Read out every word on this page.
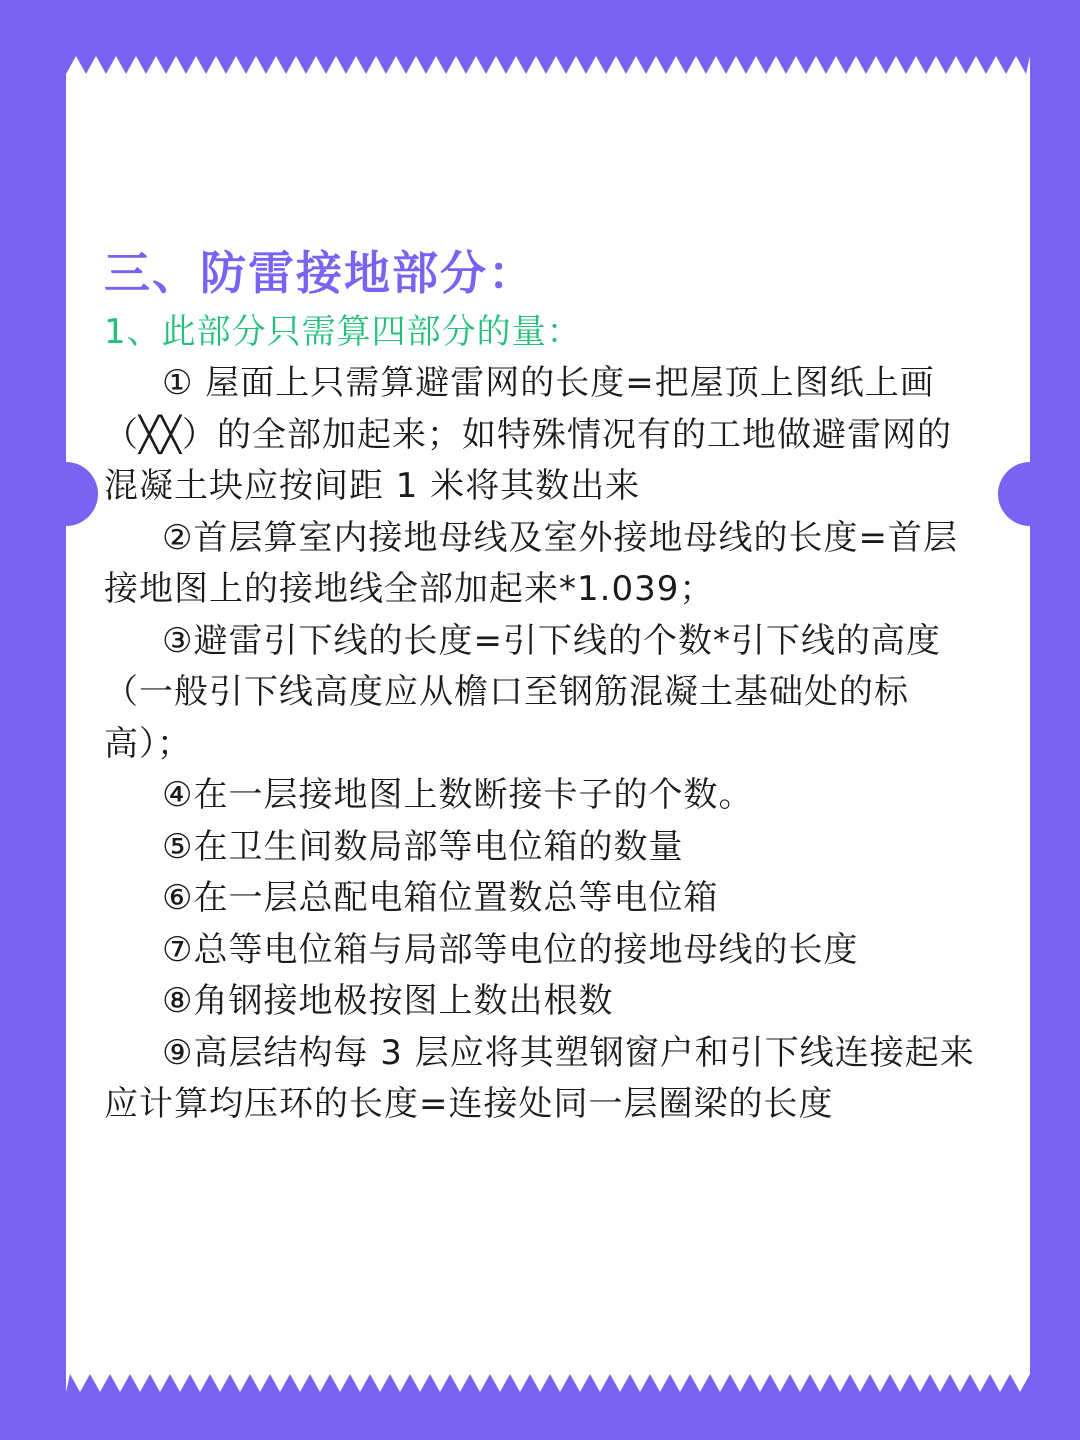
三、防雷接地部分：

1、此部分只需算四部分的量：

① 屋面上只需算避雷网的长度=把屋顶上图纸上画（╳╳）的全部加起来；如特殊情况有的工地做避雷网的混凝土块应按间距 1 米将其数出来
②首层算室内接地母线及室外接地母线的长度=首层接地图上的接地线全部加起来*1.039；
③避雷引下线的长度=引下线的个数*引下线的高度（一般引下线高度应从檐口至钢筋混凝土基础处的标高）；
④在一层接地图上数断接卡子的个数。
⑤在卫生间数局部等电位箱的数量
⑥在一层总配电箱位置数总等电位箱
⑦总等电位箱与局部等电位的接地母线的长度
⑧角钢接地极按图上数出根数
⑨高层结构每 3 层应将其塑钢窗户和引下线连接起来应计算均压环的长度=连接处同一层圈梁的长度
